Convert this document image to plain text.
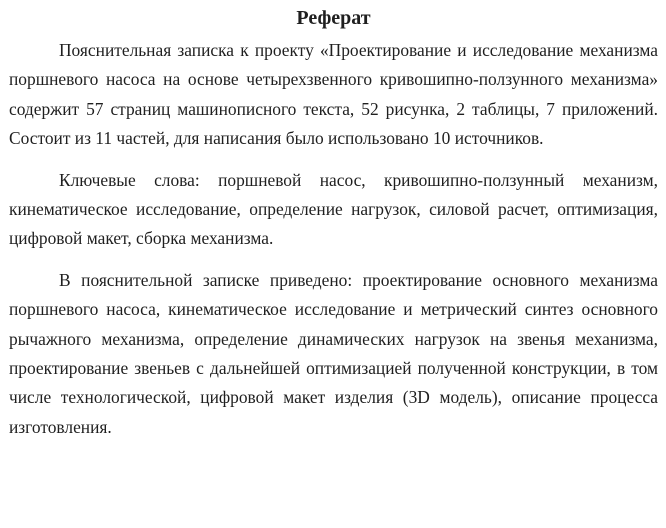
Реферат

Пояснительная записка к проекту «Проектирование и исследование механизма поршневого насоса на основе четырехзвенного кривошипно-ползунного механизма» содержит 57 страниц машинописного текста, 52 рисунка, 2 таблицы, 7 приложений. Состоит из 11 частей, для написания было использовано 10 источников.

Ключевые слова: поршневой насос, кривошипно-ползунный механизм, кинематическое исследование, определение нагрузок, силовой расчет, оптимизация, цифровой макет, сборка механизма.

В пояснительной записке приведено: проектирование основного механизма поршневого насоса, кинематическое исследование и метрический синтез основного рычажного механизма, определение динамических нагрузок на звенья механизма, проектирование звеньев с дальнейшей оптимизацией полученной конструкции, в том числе технологической, цифровой макет изделия (3D модель), описание процесса изготовления.
